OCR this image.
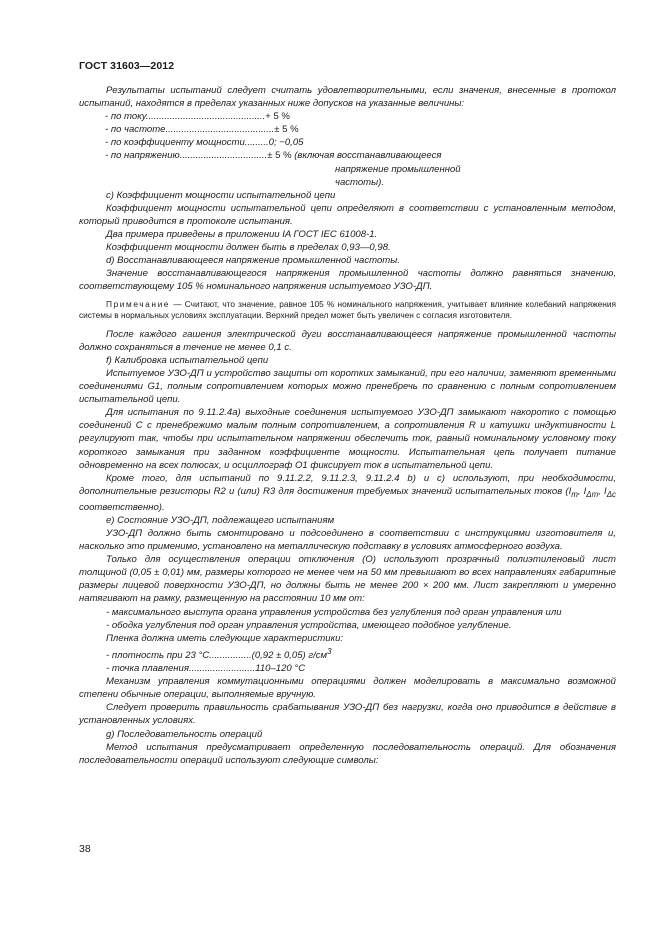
ГОСТ 31603—2012

Результаты испытаний следует считать удовлетворительными, если значения, внесенные в протокол испытаний, находятся в пределах указанных ниже допусков на указанные величины:

- по току.............................................+ 5 %
- по частоте.........................................± 5 %
- по коэффициенту мощности.........0; −0,05
- по напряжению.................................± 5 % (включая восстанавливающееся
напряжение промышленной
частоты).

с) Коэффициент мощности испытательной цепи

Коэффициент мощности испытательной цепи определяют в соответствии с установленным методом, который приводится в протоколе испытания.

Два примера приведены в приложении IA ГОСТ IEC 61008-1.

Коэффициент мощности должен быть в пределах 0,93—0,98.

d) Восстанавливающееся напряжение промышленной частоты.

Значение восстанавливающегося напряжения промышленной частоты должно равняться значению, соответствующему 105 % номинального напряжения испытуемого УЗО-ДП.

Примечание — Считают, что значение, равное 105 % номинального напряжения, учитывает влияние колебаний напряжения системы в нормальных условиях эксплуатации. Верхний предел может быть увеличен с согласия изготовителя.

После каждого гашения электрической дуги восстанавливающееся напряжение промышленной частоты должно сохраняться в течение не менее 0,1 с.

f) Калибровка испытательной цепи

Испытуемое УЗО-ДП и устройство защиты от коротких замыканий, при его наличии, заменяют временными соединениями G1, полным сопротивлением которых можно пренебречь по сравнению с полным сопротивлением испытательной цепи.

Для испытания по 9.11.2.4а) выходные соединения испытуемого УЗО-ДП замыкают накоротко с помощью соединений С с пренебрежимо малым полным сопротивлением, а сопротивления R и катушки индуктивности L регулируют так, чтобы при испытательном напряжении обеспечить ток, равный номинальному условному току короткого замыкания при заданном коэффициенте мощности. Испытательная цепь получает питание одновременно на всех полюсах, и осциллограф О1 фиксирует ток в испытательной цепи.

Кроме того, для испытаний по 9.11.2.2, 9.11.2.3, 9.11.2.4 b) и с) используют, при необходимости, дополнительные резисторы R2 и (или) R3 для достижения требуемых значений испытательных токов ($I_m$, $I_{\Delta m}$, $I_{\Delta c}$ соответственно).

e) Состояние УЗО-ДП, подлежащего испытаниям

УЗО-ДП должно быть смонтировано и подсоединено в соответствии с инструкциями изготовителя и, насколько это применимо, установлено на металлическую подставку в условиях атмосферного воздуха.

Только для осуществления операции отключения (О) используют прозрачный полиэтиленовый лист толщиной (0,05 ± 0,01) мм, размеры которого не менее чем на 50 мм превышают во всех направлениях габаритные размеры лицевой поверхности УЗО-ДП, но должны быть не менее 200 × 200 мм. Лист закрепляют и умеренно натягивают на рамку, размещенную на расстоянии 10 мм от:

- максимального выступа органа управления устройства без углубления под орган управления или

- ободка углубления под орган управления устройства, имеющего подобное углубление.

Пленка должна иметь следующие характеристики:

- плотность при 23 °С................(0,92 ± 0,05) $г/см^3$

- точка плавления.........................110–120 °С

Механизм управления коммутационными операциями должен моделировать в максимально возможной степени обычные операции, выполняемые вручную.

Следует проверить правильность срабатывания УЗО-ДП без нагрузки, когда оно приводится в действие в установленных условиях.

g) Последовательность операций

Метод испытания предусматривает определенную последовательность операций. Для обозначения последовательности операций используют следующие символы:

38
